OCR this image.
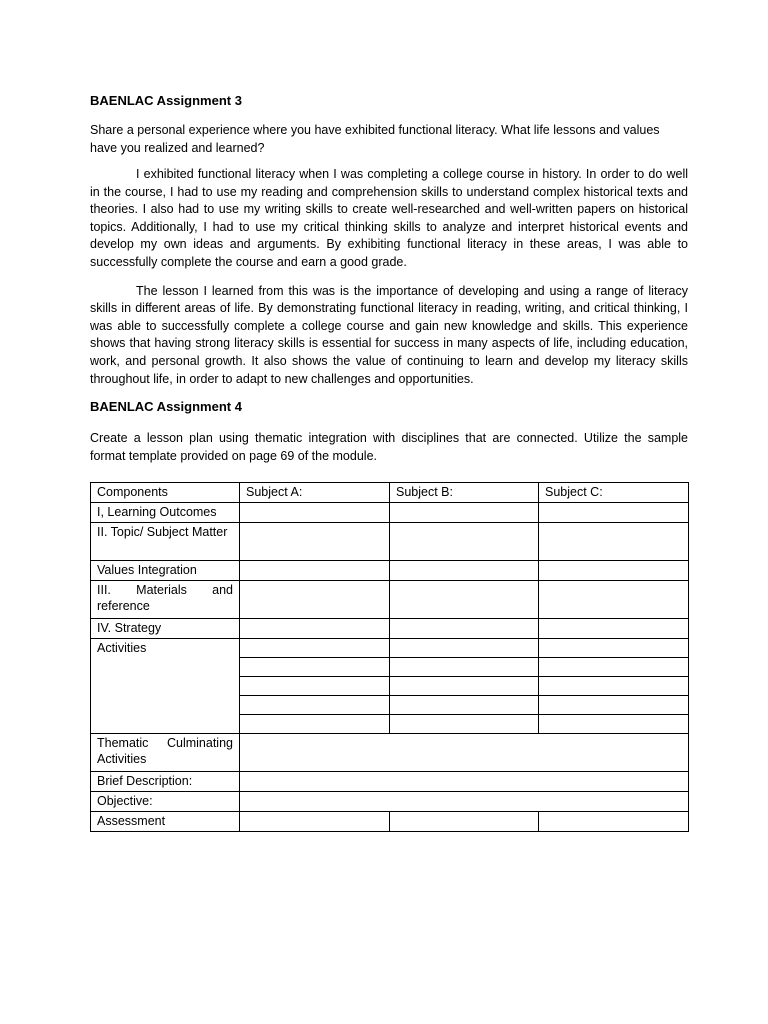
BAENLAC Assignment 3

Share a personal experience where you have exhibited functional literacy. What life lessons and values have you realized and learned?

I exhibited functional literacy when I was completing a college course in history. In order to do well in the course, I had to use my reading and comprehension skills to understand complex historical texts and theories. I also had to use my writing skills to create well-researched and well-written papers on historical topics. Additionally, I had to use my critical thinking skills to analyze and interpret historical events and develop my own ideas and arguments. By exhibiting functional literacy in these areas, I was able to successfully complete the course and earn a good grade.

The lesson I learned from this was is the importance of developing and using a range of literacy skills in different areas of life. By demonstrating functional literacy in reading, writing, and critical thinking, I was able to successfully complete a college course and gain new knowledge and skills. This experience shows that having strong literacy skills is essential for success in many aspects of life, including education, work, and personal growth. It also shows the value of continuing to learn and develop my literacy skills throughout life, in order to adapt to new challenges and opportunities.

BAENLAC Assignment 4

Create a lesson plan using thematic integration with disciplines that are connected. Utilize the sample format template provided on page 69 of the module.

Components	Subject A:	Subject B:	Subject C:
I, Learning Outcomes			
II. Topic/ Subject Matter			
Values Integration			
III. Materials and reference			
IV. Strategy			
Activities			

Thematic Culminating Activities			
Brief Description:			
Objective:			
Assessment			
